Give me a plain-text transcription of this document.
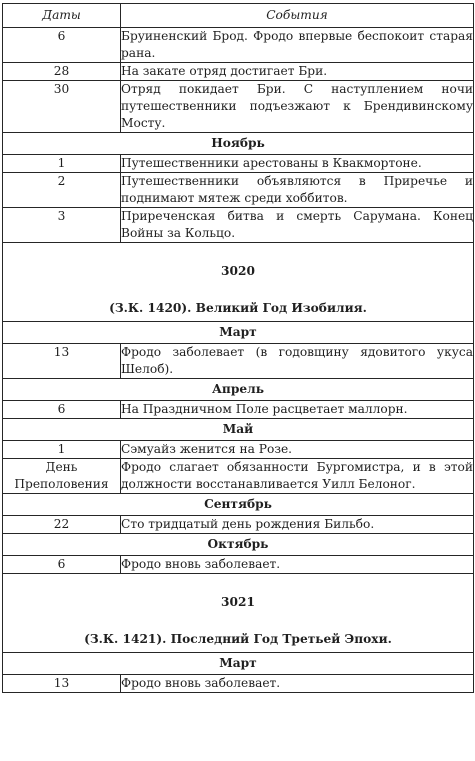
Даты	События
6	Бруиненский Брод. Фродо впервые беспокоит старая рана.
28	На закате отряд достигает Бри.
30	Отряд покидает Бри. С наступлением ночи путешественники подъезжают к Брендивинскому Мосту.
Ноябрь	
1	Путешественники арестованы в Квакмортоне.
2	Путешественники объявляются в Приречье и поднимают мятеж среди хоббитов.
3	Приреченская битва и смерть Сарумана. Конец Войны за Кольцо.

3020
(З.К. 1420). Великий Год Изобилия.	

Март	
13	Фродо заболевает (в годовщину ядовитого укуса Шелоб).
Апрель	
6	На Праздничном Поле расцветает маллорн.
Май	
1	Сэмуайз женится на Розе.
День Преполовения	Фродо слагает обязанности Бургомистра, и в этой должности восстанавливается Уилл Белоног.
Сентябрь	
22	Сто тридцатый день рождения Бильбо.
Октябрь	
6	Фродо вновь заболевает.

3021
(З.К. 1421). Последний Год Третьей Эпохи.	

Март	
13	Фродо вновь заболевает.
